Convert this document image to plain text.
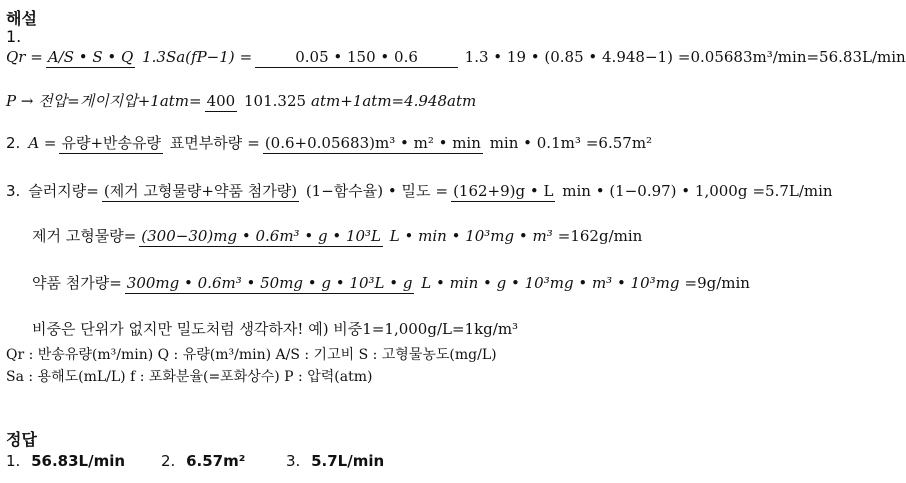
해설
1.
Qr = A/S • S • Q 1.3Sa(fP−1) =	0.05 • 150 • 0.6	1.3 • 19 • (0.85 • 4.948−1) =0.05683m³/min=56.83L/min
P → 전압=게이지압+1atm= 400 101.325 atm+1atm=4.948atm
2. A = 유량+반송유량 표면부하량 = (0.6+0.05683)m³ • m² • min min • 0.1m³ =6.57m²
3. 슬러지량= (제거 고형물량+약품 첨가량) (1−함수율) • 밀도 = (162+9)g • L min • (1−0.97) • 1,000g =5.7L/min
제거 고형물량= (300−30)mg • 0.6m³ • g • 10³L L • min • 10³mg • m³ =162g/min
약품 첨가량= 300mg • 0.6m³ • 50mg • g • 10³L • g L • min • g • 10³mg • m³ • 10³mg =9g/min
비중은 단위가 없지만 밀도처럼 생각하자! 예) 비중1=1,000g/L=1kg/m³
Qr : 반송유량(m³/min) Q : 유량(m³/min) A/S : 기고비 S : 고형물농도(mg/L)
Sa : 용해도(mL/L) f : 포화분율(=포화상수) P : 압력(atm)
정답
1. 56.83L/min	2. 6.57m²	3. 5.7L/min
